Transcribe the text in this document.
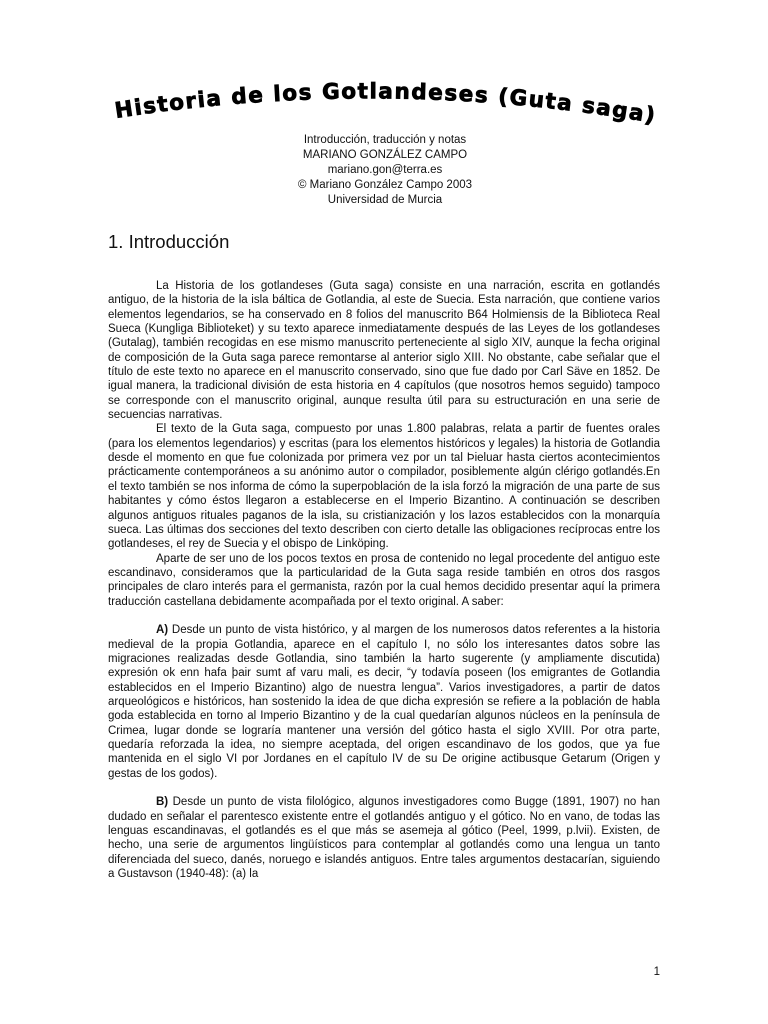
Historia de los Gotlandeses (Guta saga)
Introducción, traducción y notas
MARIANO GONZÁLEZ CAMPO
mariano.gon@terra.es
© Mariano González Campo 2003
Universidad de Murcia
1. Introducción

La Historia de los gotlandeses (Guta saga) consiste en una narración, escrita en gotlandés antiguo, de la historia de la isla báltica de Gotlandia, al este de Suecia. Esta narración, que contiene varios elementos legendarios, se ha conservado en 8 folios del manuscrito B64 Holmiensis de la Biblioteca Real Sueca (Kungliga Biblioteket) y su texto aparece inmediatamente después de las Leyes de los gotlandeses (Gutalag), también recogidas en ese mismo manuscrito perteneciente al siglo XIV, aunque la fecha original de composición de la Guta saga parece remontarse al anterior siglo XIII. No obstante, cabe señalar que el título de este texto no aparece en el manuscrito conservado, sino que fue dado por Carl Säve en 1852. De igual manera, la tradicional división de esta historia en 4 capítulos (que nosotros hemos seguido) tampoco se corresponde con el manuscrito original, aunque resulta útil para su estructuración en una serie de secuencias narrativas.

El texto de la Guta saga, compuesto por unas 1.800 palabras, relata a partir de fuentes orales (para los elementos legendarios) y escritas (para los elementos históricos y legales) la historia de Gotlandia desde el momento en que fue colonizada por primera vez por un tal Þieluar hasta ciertos acontecimientos prácticamente contemporáneos a su anónimo autor o compilador, posiblemente algún clérigo gotlandés.En el texto también se nos informa de cómo la superpoblación de la isla forzó la migración de una parte de sus habitantes y cómo éstos llegaron a establecerse en el Imperio Bizantino. A continuación se describen algunos antiguos rituales paganos de la isla, su cristianización y los lazos establecidos con la monarquía sueca. Las últimas dos secciones del texto describen con cierto detalle las obligaciones recíprocas entre los gotlandeses, el rey de Suecia y el obispo de Linköping.

Aparte de ser uno de los pocos textos en prosa de contenido no legal procedente del antiguo este escandinavo, consideramos que la particularidad de la Guta saga reside también en otros dos rasgos principales de claro interés para el germanista, razón por la cual hemos decidido presentar aquí la primera traducción castellana debidamente acompañada por el texto original. A saber:

A) Desde un punto de vista histórico, y al margen de los numerosos datos referentes a la historia medieval de la propia Gotlandia, aparece en el capítulo I, no sólo los interesantes datos sobre las migraciones realizadas desde Gotlandia, sino también la harto sugerente (y ampliamente discutida) expresión ok enn hafa þair sumt af varu mali, es decir, “y todavía poseen (los emigrantes de Gotlandia establecidos en el Imperio Bizantino) algo de nuestra lengua”. Varios investigadores, a partir de datos arqueológicos e históricos, han sostenido la idea de que dicha expresión se refiere a la población de habla goda establecida en torno al Imperio Bizantino y de la cual quedarían algunos núcleos en la península de Crimea, lugar donde se lograría mantener una versión del gótico hasta el siglo XVIII. Por otra parte, quedaría reforzada la idea, no siempre aceptada, del origen escandinavo de los godos, que ya fue mantenida en el siglo VI por Jordanes en el capítulo IV de su De origine actibusque Getarum (Origen y gestas de los godos).

B) Desde un punto de vista filológico, algunos investigadores como Bugge (1891, 1907) no han dudado en señalar el parentesco existente entre el gotlandés antiguo y el gótico. No en vano, de todas las lenguas escandinavas, el gotlandés es el que más se asemeja al gótico (Peel, 1999, p.lvii). Existen, de hecho, una serie de argumentos lingüísticos para contemplar al gotlandés como una lengua un tanto diferenciada del sueco, danés, noruego e islandés antiguos. Entre tales argumentos destacarían, siguiendo a Gustavson (1940-48): (a) la

1
